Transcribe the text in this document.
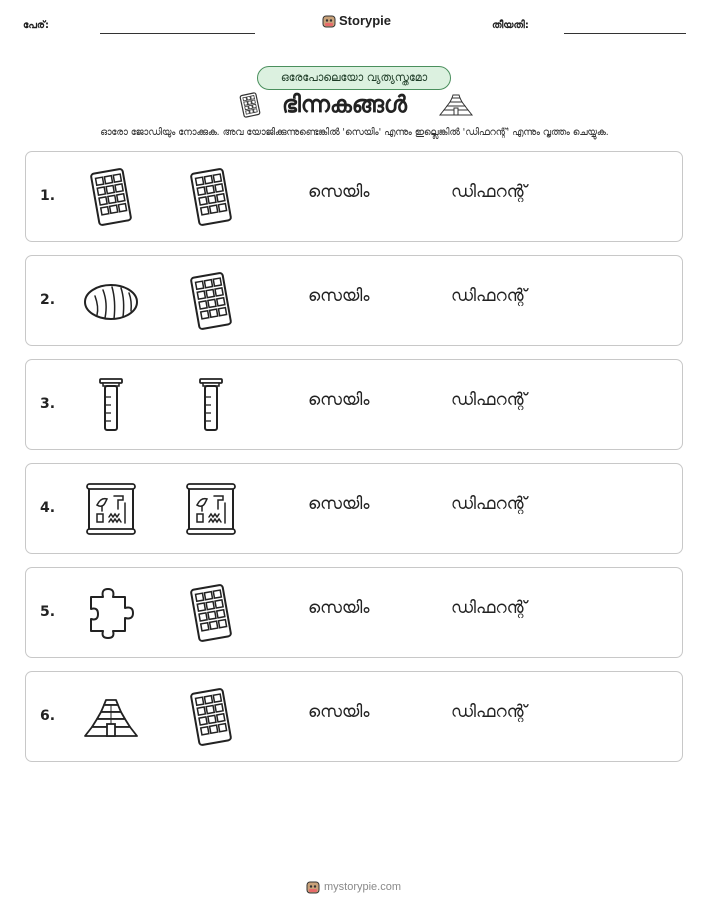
പേര്:	Storypie	തീയതി:
ഒരേപോലെയോ വ്യത്യസ്തമോ
ഭിന്നകങ്ങൾ
ഓരോ ജോഡിയും നോക്കുക. അവ യോജിക്കുന്നുണ്ടെങ്കിൽ 'സെയിം' എന്നും ഇല്ലെങ്കിൽ 'ഡിഫറന്റ്' എന്നും വൃത്തം ചെയ്യുക.
1.	സെയിം	ഡിഫറന്റ്
2.	സെയിം	ഡിഫറന്റ്
3.	സെയിം	ഡിഫറന്റ്
4.	സെയിം	ഡിഫറന്റ്
5.	സെയിം	ഡിഫറന്റ്
6.	സെയിം	ഡിഫറന്റ്
mystorypie.com
